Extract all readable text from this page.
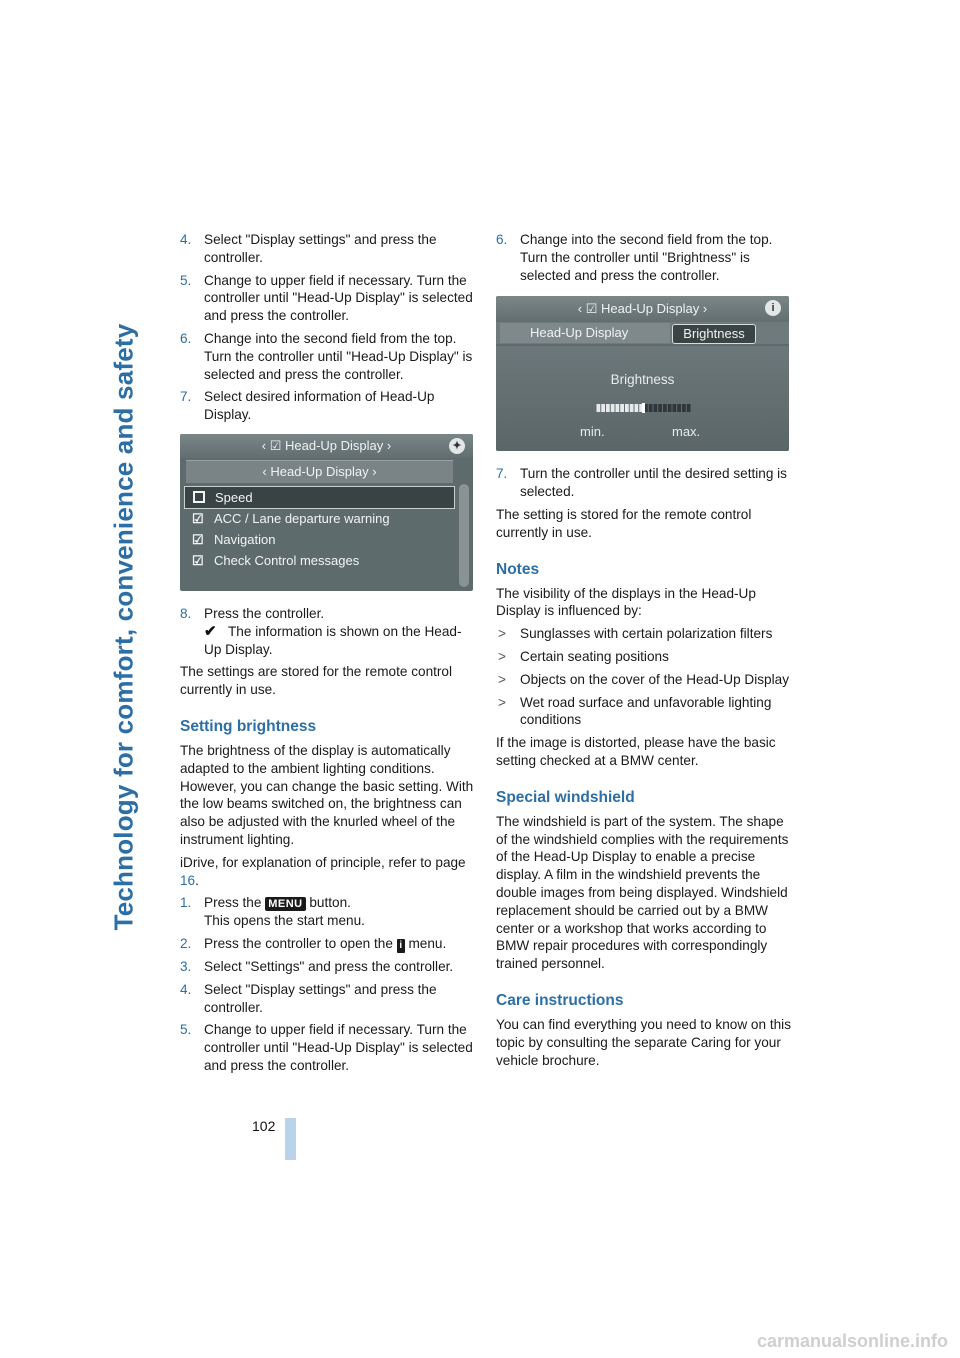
Technology for comfort, convenience and safety
4. Select "Display settings" and press the controller.
5. Change to upper field if necessary. Turn the controller until "Head-Up Display" is selected and press the controller.
6. Change into the second field from the top. Turn the controller until "Head-Up Display" is selected and press the controller.
7. Select desired information of Head-Up Display.
‹ ☑ Head-Up Display ›	✦
‹ Head-Up Display ›
Speed
☑ ACC / Lane departure warning
☑ Navigation
☑ Check Control messages
8. Press the controller.
✔ The information is shown on the Head-Up Display.

The settings are stored for the remote control currently in use.

Setting brightness

The brightness of the display is automatically adapted to the ambient lighting conditions. However, you can change the basic setting. With the low beams switched on, the brightness can also be adjusted with the knurled wheel of the instrument lighting.

iDrive, for explanation of principle, refer to page 16.

1. Press the MENU button.
This opens the start menu.
2. Press the controller to open the i menu.
3. Select "Settings" and press the controller.
4. Select "Display settings" and press the controller.
5. Change to upper field if necessary. Turn the controller until "Head-Up Display" is selected and press the controller.
6. Change into the second field from the top. Turn the controller until "Brightness" is selected and press the controller.
‹ ☑ Head-Up Display ›	i
Head-Up Display	Brightness
Brightness
min.	max.
7. Turn the controller until the desired setting is selected.

The setting is stored for the remote control currently in use.

Notes

The visibility of the displays in the Head-Up Display is influenced by:

> Sunglasses with certain polarization filters
> Certain seating positions
> Objects on the cover of the Head-Up Display
> Wet road surface and unfavorable lighting conditions

If the image is distorted, please have the basic setting checked at a BMW center.

Special windshield

The windshield is part of the system. The shape of the windshield complies with the requirements of the Head-Up Display to enable a precise display. A film in the windshield prevents the double images from being displayed. Windshield replacement should be carried out by a BMW center or a workshop that works according to BMW repair procedures with correspondingly trained personnel.

Care instructions

You can find everything you need to know on this topic by consulting the separate Caring for your vehicle brochure.

102
carmanualsonline.info
